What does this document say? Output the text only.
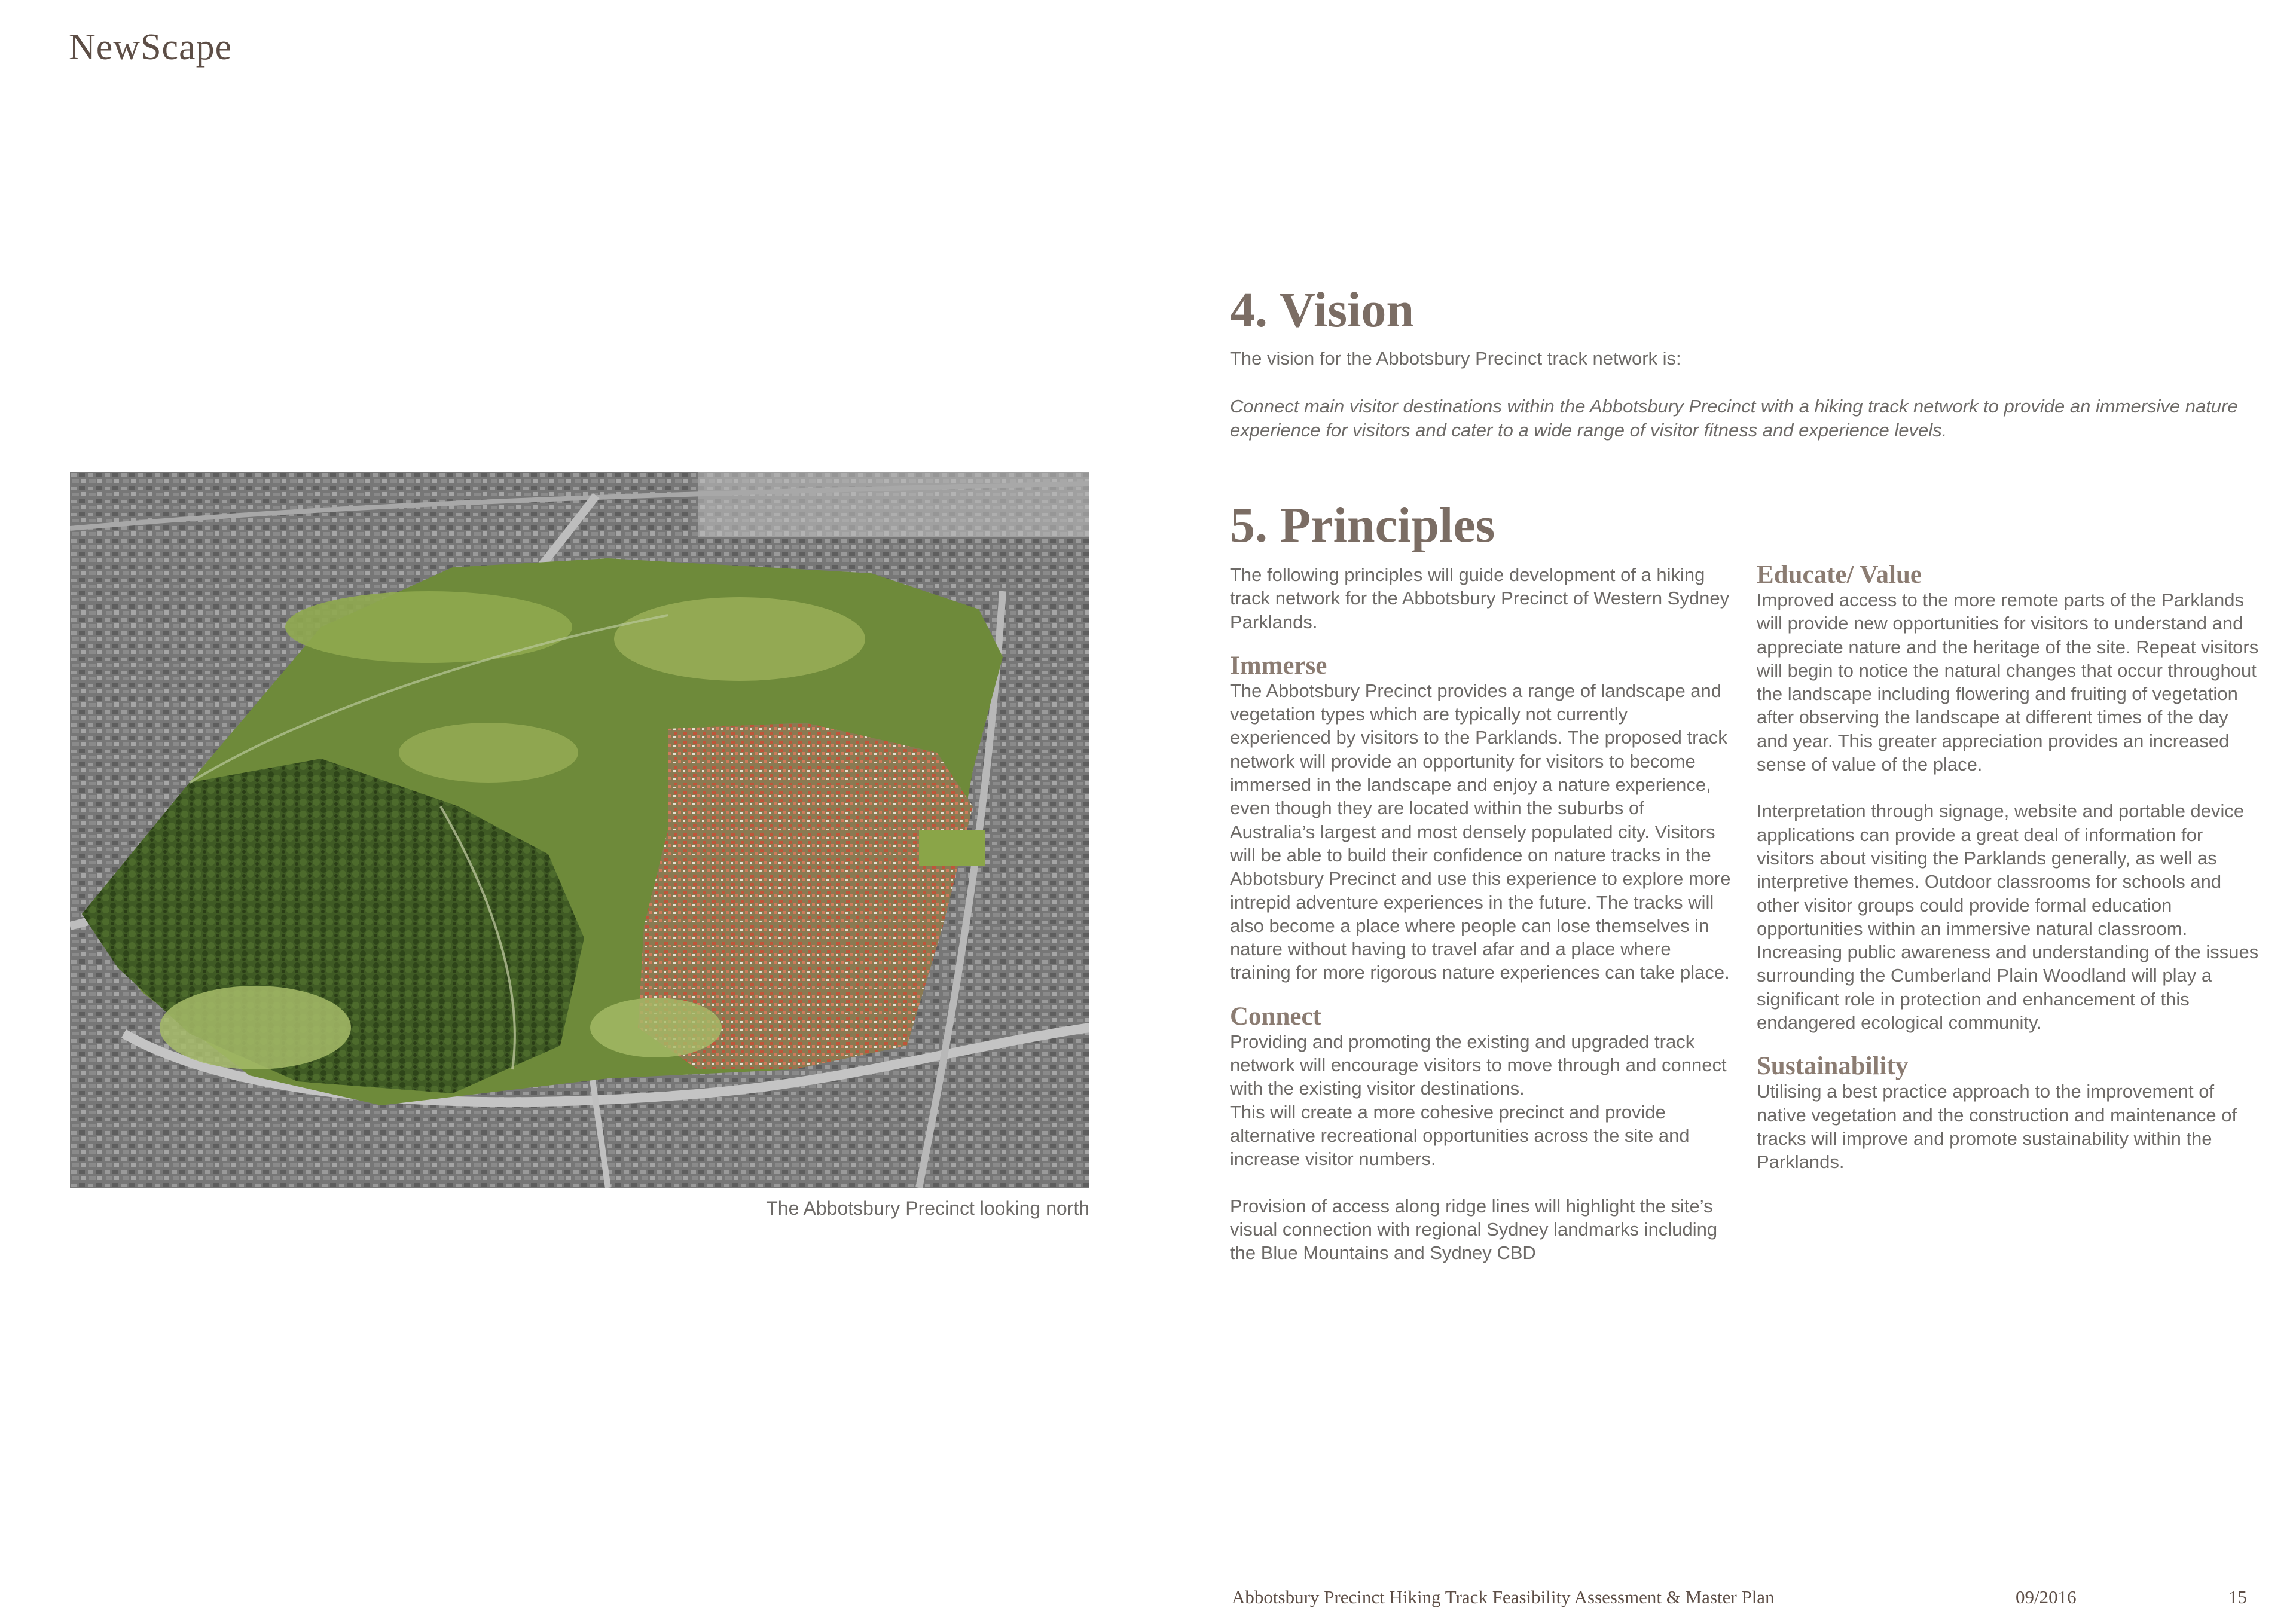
NewScape
The Abbotsbury Precinct looking north
4. Vision

The vision for the Abbotsbury Precinct track network is:

Connect main visitor destinations within the Abbotsbury Precinct with a hiking track network to provide an immersive nature experience for visitors and cater to a wide range of visitor fitness and experience levels.

5. Principles

The following principles will guide development of a hiking track network for the Abbotsbury Precinct of Western Sydney Parklands.

Immerse

The Abbotsbury Precinct provides a range of landscape and vegetation types which are typically not currently experienced by visitors to the Parklands. The proposed track network will provide an opportunity for visitors to become immersed in the landscape and enjoy a nature experience, even though they are located within the suburbs of Australia’s largest and most densely populated city. Visitors will be able to build their confidence on nature tracks in the Abbotsbury Precinct and use this experience to explore more intrepid adventure experiences in the future. The tracks will also become a place where people can lose themselves in nature without having to travel afar and a place where training for more rigorous nature experiences can take place.

Connect

Providing and promoting the existing and upgraded track network will encourage visitors to move through and connect with the existing visitor destinations.

This will create a more cohesive precinct and provide alternative recreational opportunities across the site and increase visitor numbers.

Provision of access along ridge lines will highlight the site’s visual connection with regional Sydney landmarks including the Blue Mountains and Sydney CBD

Educate/ Value

Improved access to the more remote parts of the Parklands will provide new opportunities for visitors to understand and appreciate nature and the heritage of the site. Repeat visitors will begin to notice the natural changes that occur throughout the landscape including flowering and fruiting of vegetation after observing the landscape at different times of the day and year. This greater appreciation provides an increased sense of value of the place.

Interpretation through signage, website and portable device applications can provide a great deal of information for visitors about visiting the Parklands generally, as well as interpretive themes. Outdoor classrooms for schools and other visitor groups could provide formal education opportunities within an immersive natural classroom. Increasing public awareness and understanding of the issues surrounding the Cumberland Plain Woodland will play a significant role in protection and enhancement of this endangered ecological community.

Sustainability

Utilising a best practice approach to the improvement of native vegetation and the construction and maintenance of tracks will improve and promote sustainability within the Parklands.

Abbotsbury Precinct Hiking Track Feasibility Assessment & Master Plan	09/2016	15
